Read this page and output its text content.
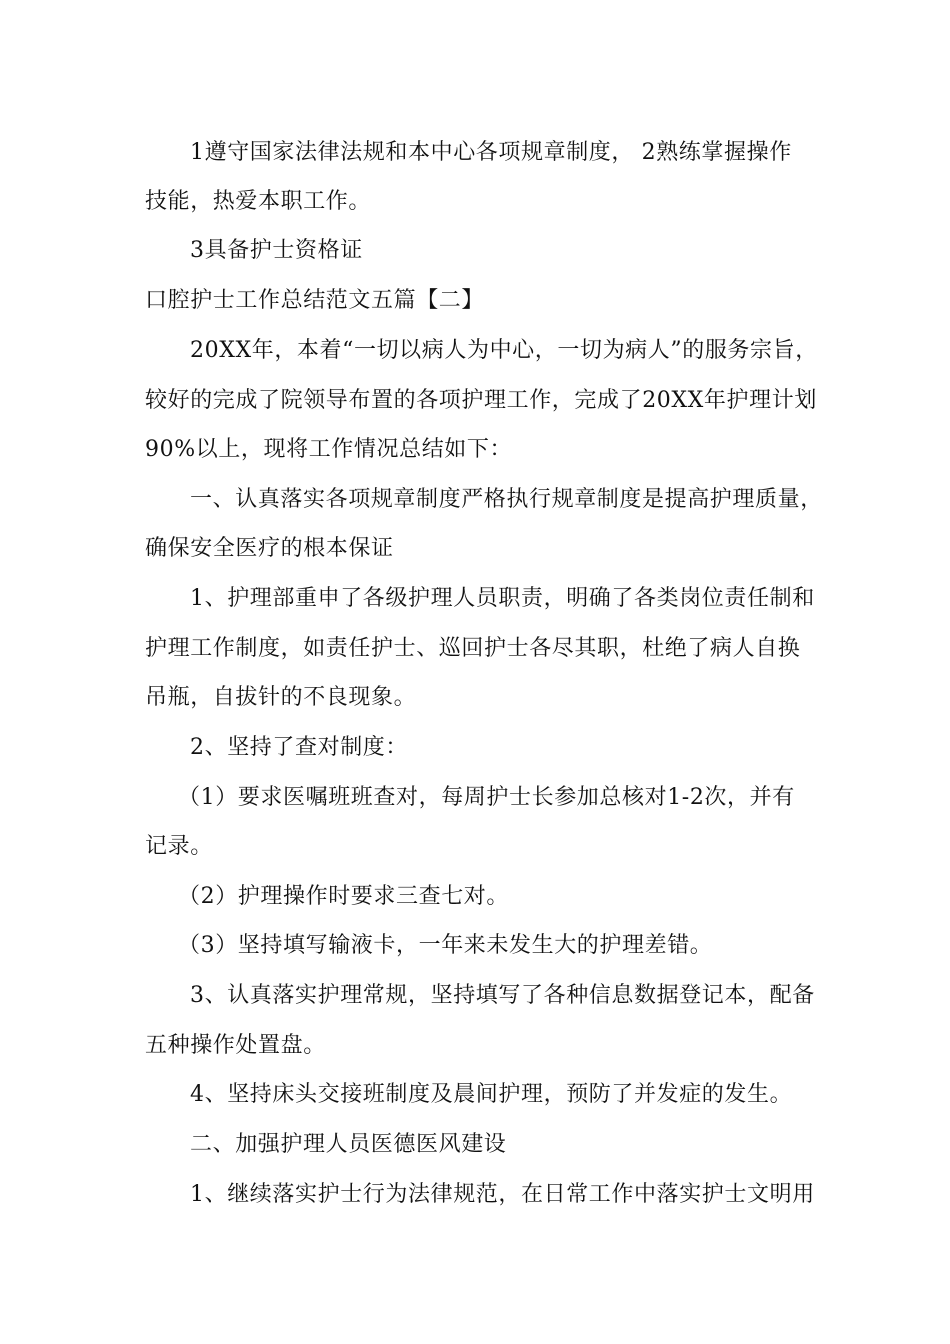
1遵守国家法律法规和本中心各项规章制度， 2熟练掌握操作

技能，热爱本职工作。

3具备护士资格证

口腔护士工作总结范文五篇【二】

20XX年，本着“一切以病人为中心，一切为病人”的服务宗旨，

较好的完成了院领导布置的各项护理工作，完成了20XX年护理计划

90%以上，现将工作情况总结如下：

一、认真落实各项规章制度严格执行规章制度是提高护理质量，

确保安全医疗的根本保证

1、护理部重申了各级护理人员职责，明确了各类岗位责任制和

护理工作制度，如责任护士、巡回护士各尽其职，杜绝了病人自换

吊瓶，自拔针的不良现象。

2、坚持了查对制度：

（1）要求医嘱班班查对，每周护士长参加总核对1-2次，并有

记录。

（2）护理操作时要求三查七对。

（3）坚持填写输液卡，一年来未发生大的护理差错。

3、认真落实护理常规，坚持填写了各种信息数据登记本，配备

五种操作处置盘。

4、坚持床头交接班制度及晨间护理，预防了并发症的发生。

二、加强护理人员医德医风建设

1、继续落实护士行为法律规范，在日常工作中落实护士文明用
